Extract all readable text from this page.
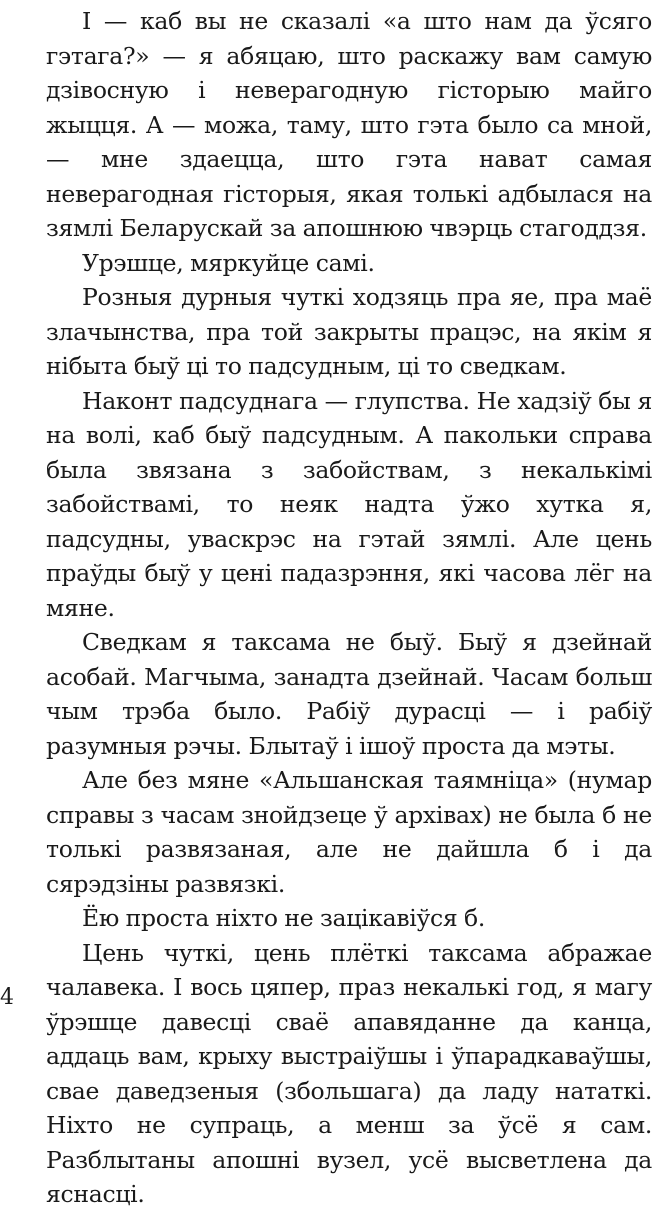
І — каб вы не сказалі «а што нам да ўсяго гэтага?» — я абяцаю, што раскажу вам самую дзівосную і неверагодную гісторыю майго жыцця. А — можа, таму, што гэта было са мной, — мне здаецца, што гэта нават самая неверагодная гісторыя, якая толькі адбылася на зямлі Беларускай за апошнюю чвэрць стагоддзя.

Урэшце, мяркуйце самі.

Розныя дурныя чуткі ходзяць пра яе, пра маё злачынства, пра той закрыты працэс, на якім я нібыта быў ці то падсудным, ці то сведкам.

Наконт падсуднага — глупства. Не хадзіў бы я на волі, каб быў падсудным. А пакольки справа была звязана з забойствам, з некалькімі забойствамі, то неяк надта ўжо хутка я, падсудны, уваскрэс на гэтай зямлі. Але цень праўды быў у цені падазрэння, які часова лёг на мяне.

Сведкам я таксама не быў. Быў я дзейнай асобай. Магчыма, занадта дзейнай. Часам больш чым трэба было. Рабіў дурасці — і рабіў разумныя рэчы. Блытаў і ішоў проста да мэты.

Але без мяне «Альшанская таямніца» (нумар справы з часам знойдзеце ў архівах) не была б не толькі развязаная, але не дайшла б і да сярэдзіны развязкі.

Ёю проста ніхто не зацікавіўся б.

Цень чуткі, цень плёткі таксама абражае чалавека. І вось цяпер, праз некалькі год, я магу ўрэшце давесці сваё апавяданне да канца, аддаць вам, крыху выстраіўшы і ўпарадкаваўшы, свае даведзеныя (збольшага) да ладу нататкі. Ніхто не супраць, а менш за ўсё я сам. Разблытаны апошні вузел, усё высветлена да яснасці.

4
